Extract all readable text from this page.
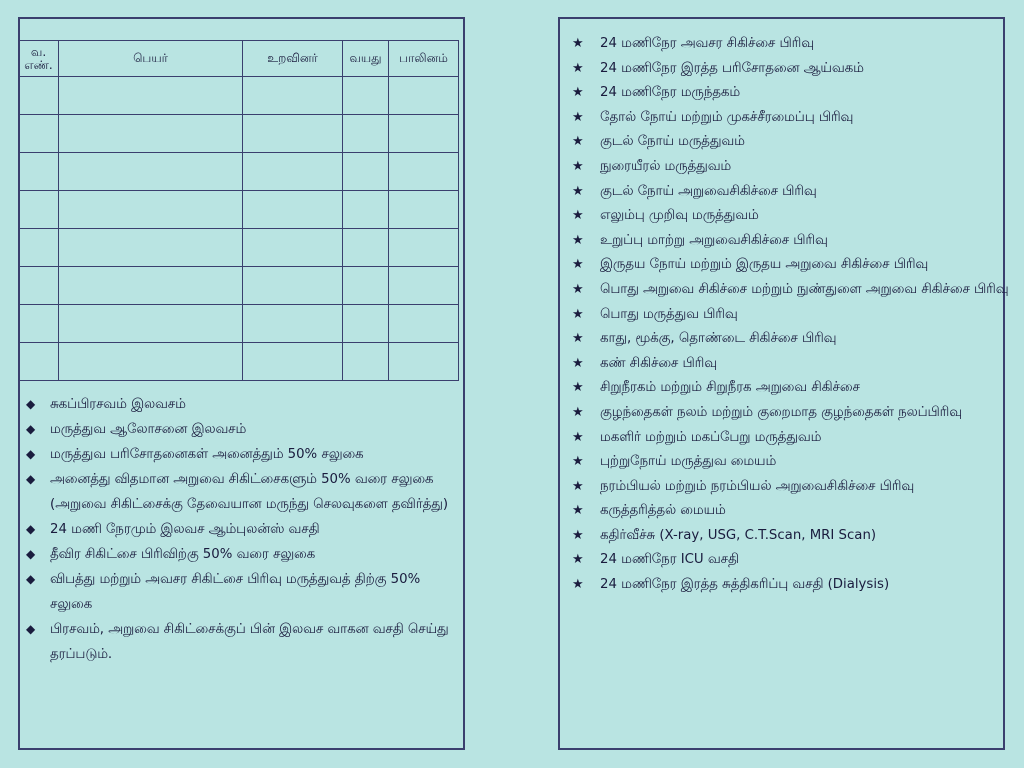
வ. எண்.	பெயர்	உறவினர்	வயது	பாலினம்

◆ சுகப்பிரசவம் இலவசம்
◆ மருத்துவ ஆலோசனை இலவசம்
◆ மருத்துவ பரிசோதனைகள் அனைத்தும் 50% சலுகை
◆ அனைத்து விதமான அறுவை சிகிட்சைகளும் 50% வரை சலுகை (அறுவை சிகிட்சைக்கு தேவையான மருந்து செலவுகளை தவிர்த்து)
◆ 24 மணி நேரமும் இலவச ஆம்புலன்ஸ் வசதி
◆ தீவிர சிகிட்சை பிரிவிற்கு 50% வரை சலுகை
◆ விபத்து மற்றும் அவசர சிகிட்சை பிரிவு மருத்துவத் திற்கு 50% சலுகை
◆ பிரசவம், அறுவை சிகிட்சைக்குப் பின் இலவச வாகன வசதி செய்து தரப்படும்.
★ 24 மணிநேர அவசர சிகிச்சை பிரிவு
★ 24 மணிநேர இரத்த பரிசோதனை ஆய்வகம்
★ 24 மணிநேர மருந்தகம்
★ தோல் நோய் மற்றும் முகச்சீரமைப்பு பிரிவு
★ குடல் நோய் மருத்துவம்
★ நுரையீரல் மருத்துவம்
★ குடல் நோய் அறுவைசிகிச்சை பிரிவு
★ எலும்பு முறிவு மருத்துவம்
★ உறுப்பு மாற்று அறுவைசிகிச்சை பிரிவு
★ இருதய நோய் மற்றும் இருதய அறுவை சிகிச்சை பிரிவு
★ பொது அறுவை சிகிச்சை மற்றும் நுண்துளை அறுவை சிகிச்சை பிரிவு
★ பொது மருத்துவ பிரிவு
★ காது, மூக்கு, தொண்டை சிகிச்சை பிரிவு
★ கண் சிகிச்சை பிரிவு
★ சிறுநீரகம் மற்றும் சிறுநீரக அறுவை சிகிச்சை
★ குழந்தைகள் நலம் மற்றும் குறைமாத குழந்தைகள் நலப்பிரிவு
★ மகளிர் மற்றும் மகப்பேறு மருத்துவம்
★ புற்றுநோய் மருத்துவ மையம்
★ நரம்பியல் மற்றும் நரம்பியல் அறுவைசிகிச்சை பிரிவு
★ கருத்தரித்தல் மையம்
★ கதிர்வீச்சு (X-ray, USG, C.T.Scan, MRI Scan)
★ 24 மணிநேர ICU வசதி
★ 24 மணிநேர இரத்த சுத்திகரிப்பு வசதி (Dialysis)
